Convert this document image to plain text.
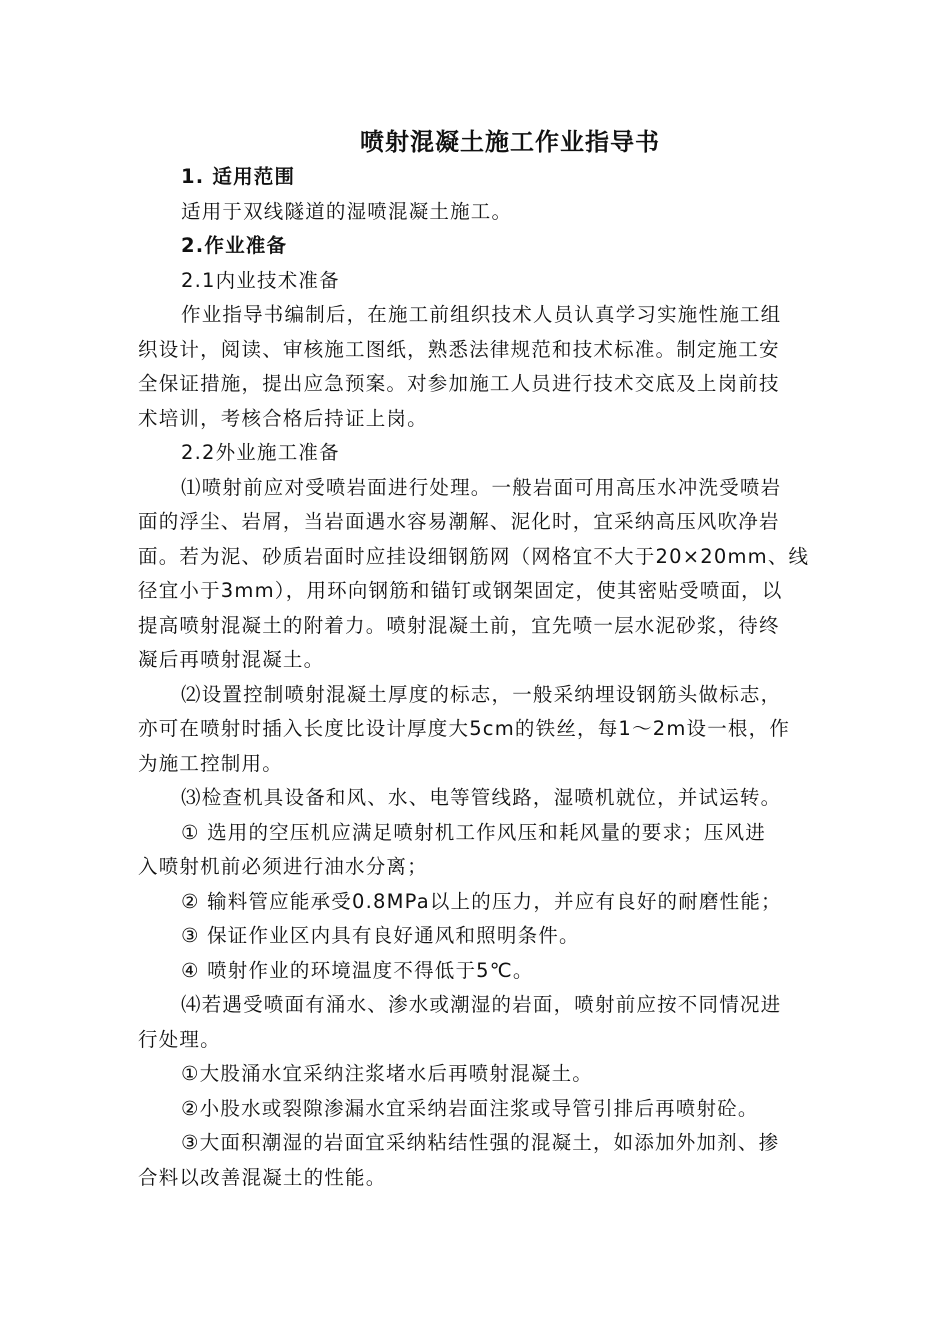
喷射混凝土施工作业指导书
1. 适用范围
适用于双线隧道的湿喷混凝土施工。
2.作业准备
2.1内业技术准备
作业指导书编制后，在施工前组织技术人员认真学习实施性施工组
织设计，阅读、审核施工图纸，熟悉法律规范和技术标准。制定施工安
全保证措施，提出应急预案。对参加施工人员进行技术交底及上岗前技
术培训，考核合格后持证上岗。
2.2外业施工准备
⑴喷射前应对受喷岩面进行处理。一般岩面可用高压水冲洗受喷岩
面的浮尘、岩屑，当岩面遇水容易潮解、泥化时，宜采纳高压风吹净岩
面。若为泥、砂质岩面时应挂设细钢筋网（网格宜不大于20×20mm、线
径宜小于3mm），用环向钢筋和锚钉或钢架固定，使其密贴受喷面，以
提高喷射混凝土的附着力。喷射混凝土前，宜先喷一层水泥砂浆，待终
凝后再喷射混凝土。
⑵设置控制喷射混凝土厚度的标志，一般采纳埋设钢筋头做标志，
亦可在喷射时插入长度比设计厚度大5cm的铁丝，每1～2m设一根，作
为施工控制用。
⑶检查机具设备和风、水、电等管线路，湿喷机就位，并试运转。
① 选用的空压机应满足喷射机工作风压和耗风量的要求；压风进
入喷射机前必须进行油水分离；
② 输料管应能承受0.8MPa以上的压力，并应有良好的耐磨性能；
③ 保证作业区内具有良好通风和照明条件。
④ 喷射作业的环境温度不得低于5℃。
⑷若遇受喷面有涌水、渗水或潮湿的岩面，喷射前应按不同情况进
行处理。
①大股涌水宜采纳注浆堵水后再喷射混凝土。
②小股水或裂隙渗漏水宜采纳岩面注浆或导管引排后再喷射砼。
③大面积潮湿的岩面宜采纳粘结性强的混凝土，如添加外加剂、掺
合料以改善混凝土的性能。
